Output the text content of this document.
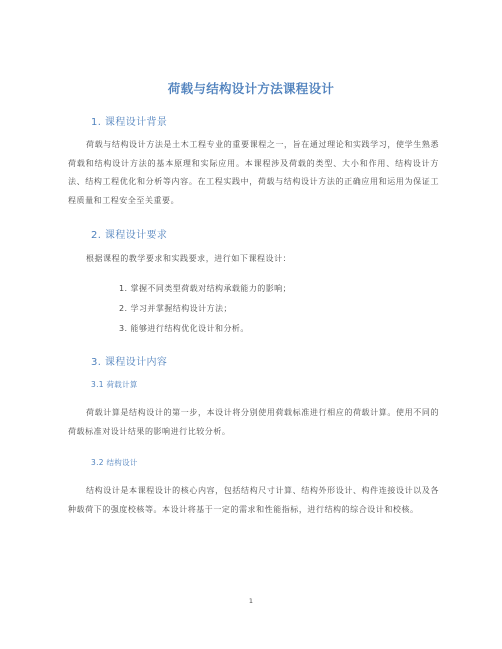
荷载与结构设计方法课程设计
1. 课程设计背景
荷载与结构设计方法是土木工程专业的重要课程之一，旨在通过理论和实践学习，使学生熟悉荷载和结构设计方法的基本原理和实际应用。本课程涉及荷载的类型、大小和作用、结构设计方法、结构工程优化和分析等内容。在工程实践中，荷载与结构设计方法的正确应用和运用为保证工程质量和工程安全至关重要。
2. 课程设计要求
根据课程的教学要求和实践要求，进行如下课程设计：
1. 掌握不同类型荷载对结构承载能力的影响；
2. 学习并掌握结构设计方法；
3. 能够进行结构优化设计和分析。
3. 课程设计内容
3.1 荷载计算
荷载计算是结构设计的第一步，本设计将分别使用荷载标准进行相应的荷载计算。使用不同的荷载标准对设计结果的影响进行比较分析。
3.2 结构设计
结构设计是本课程设计的核心内容，包括结构尺寸计算、结构外形设计、构件连接设计以及各种载荷下的强度校核等。本设计将基于一定的需求和性能指标，进行结构的综合设计和校核。
1
